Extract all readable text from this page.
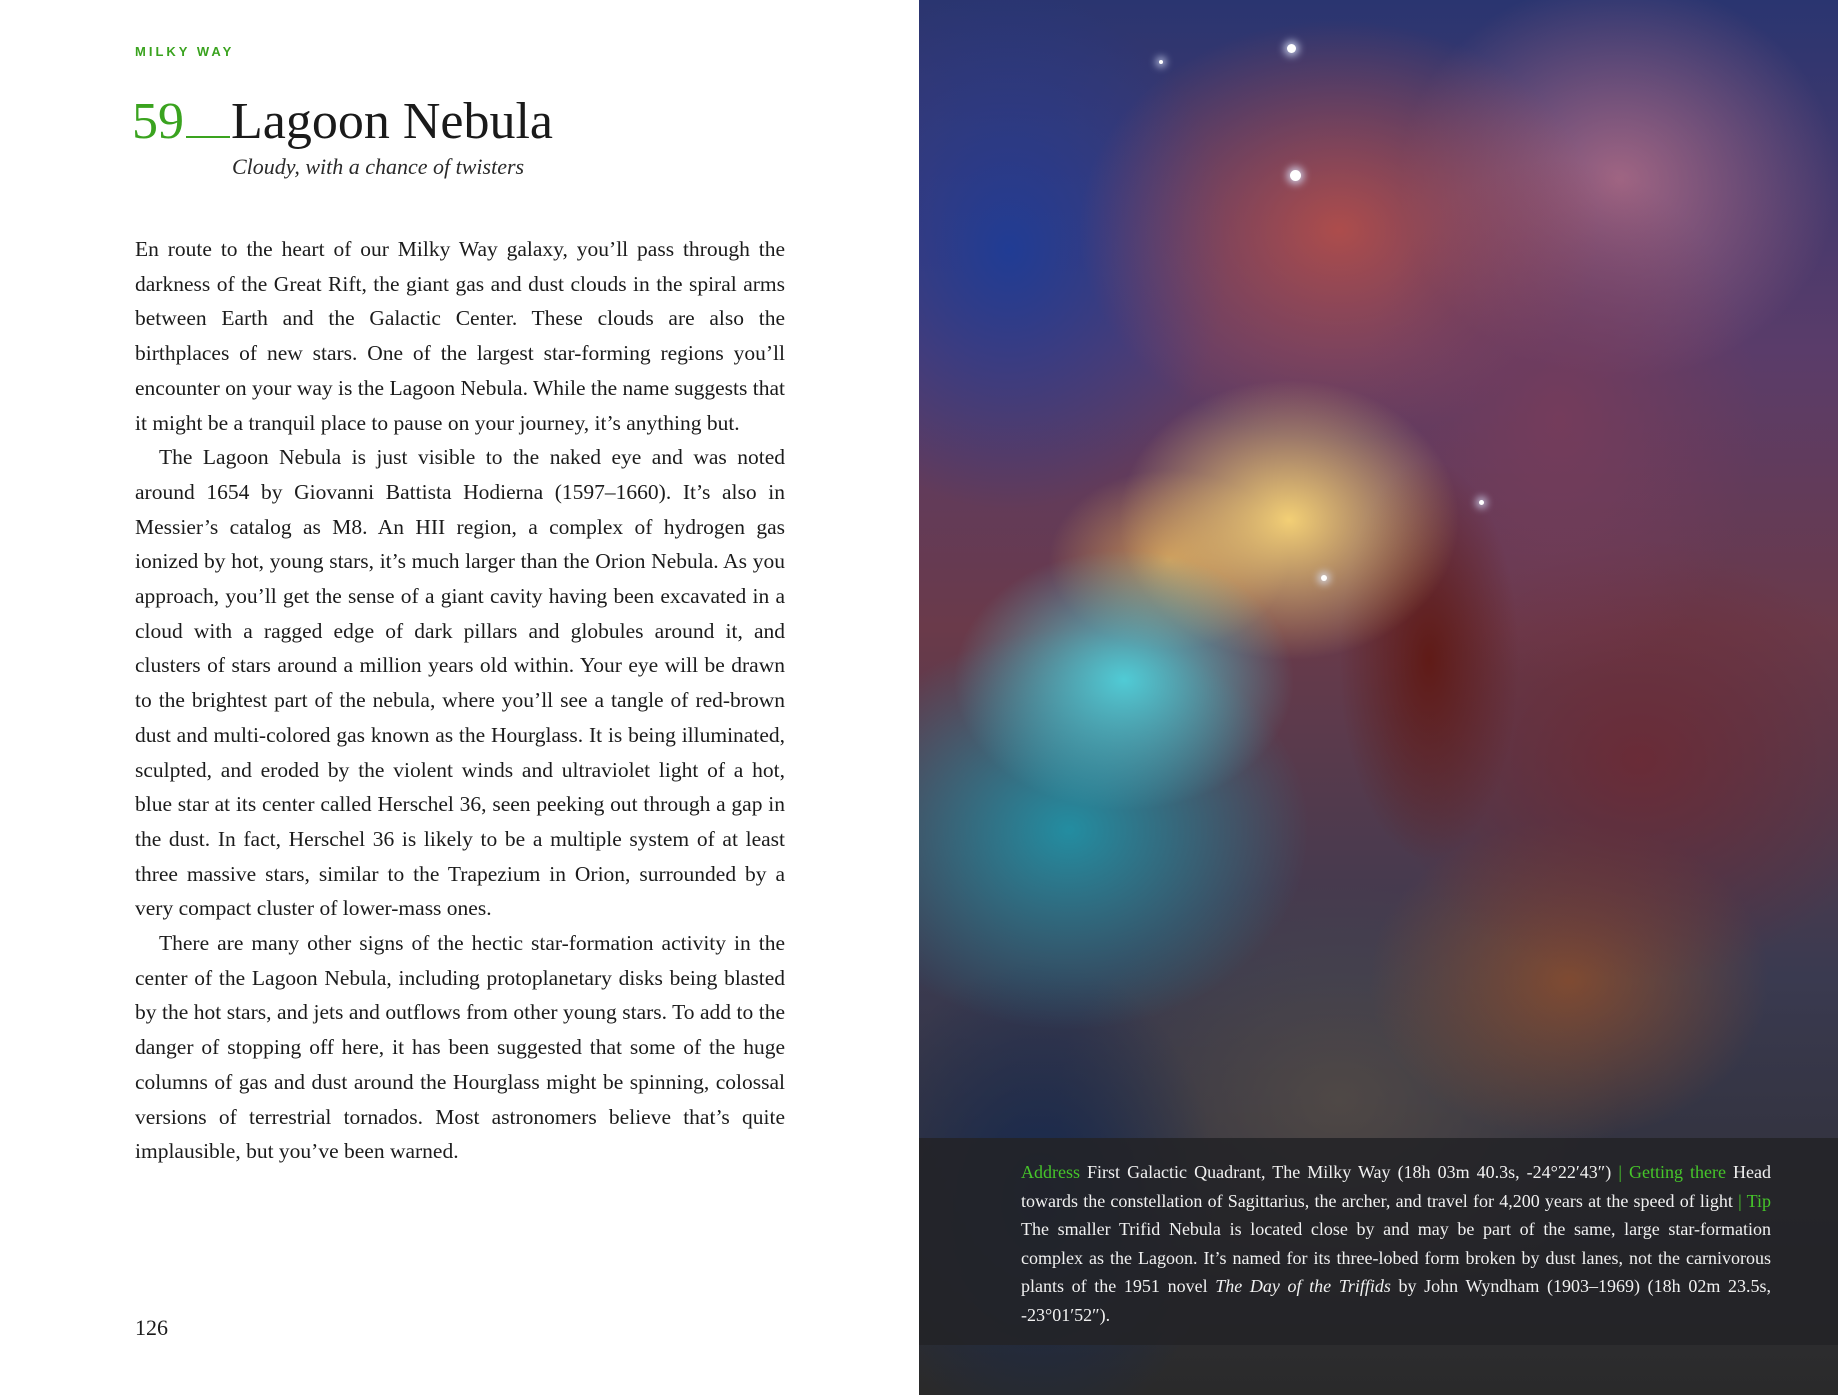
MILKY WAY
59 Lagoon Nebula
Cloudy, with a chance of twisters

En route to the heart of our Milky Way galaxy, you’ll pass through the darkness of the Great Rift, the giant gas and dust clouds in the spiral arms between Earth and the Galactic Center. These clouds are also the birthplaces of new stars. One of the largest star-forming regions you’ll encounter on your way is the Lagoon Nebula. While the name suggests that it might be a tranquil place to pause on your journey, it’s anything but.

The Lagoon Nebula is just visible to the naked eye and was noted around 1654 by Giovanni Battista Hodierna (1597–1660). It’s also in Messier’s catalog as M8. An HII region, a complex of hydrogen gas ionized by hot, young stars, it’s much larger than the Orion Nebula. As you approach, you’ll get the sense of a giant cavity having been excavated in a cloud with a ragged edge of dark pillars and globules around it, and clusters of stars around a million years old within. Your eye will be drawn to the brightest part of the nebula, where you’ll see a tangle of red-brown dust and multi-colored gas known as the Hourglass. It is being illuminated, sculpted, and eroded by the violent winds and ultraviolet light of a hot, blue star at its center called Herschel 36, seen peeking out through a gap in the dust. In fact, Herschel 36 is likely to be a multiple system of at least three massive stars, similar to the Trapezium in Orion, surrounded by a very compact cluster of lower-mass ones.

There are many other signs of the hectic star-formation activity in the center of the Lagoon Nebula, including protoplanetary disks being blasted by the hot stars, and jets and outflows from other young stars. To add to the danger of stopping off here, it has been suggested that some of the huge columns of gas and dust around the Hourglass might be spinning, colossal versions of terrestrial tornados. Most astronomers believe that’s quite implausible, but you’ve been warned.

126
Address First Galactic Quadrant, The Milky Way (18h 03m 40.3s, -24°22′43″) | Getting there Head towards the constellation of Sagittarius, the archer, and travel for 4,200 years at the speed of light | Tip The smaller Trifid Nebula is located close by and may be part of the same, large star-formation complex as the Lagoon. It’s named for its three-lobed form broken by dust lanes, not the carnivorous plants of the 1951 novel The Day of the Triffids by John Wyndham (1903–1969) (18h 02m 23.5s, -23°01′52″).
